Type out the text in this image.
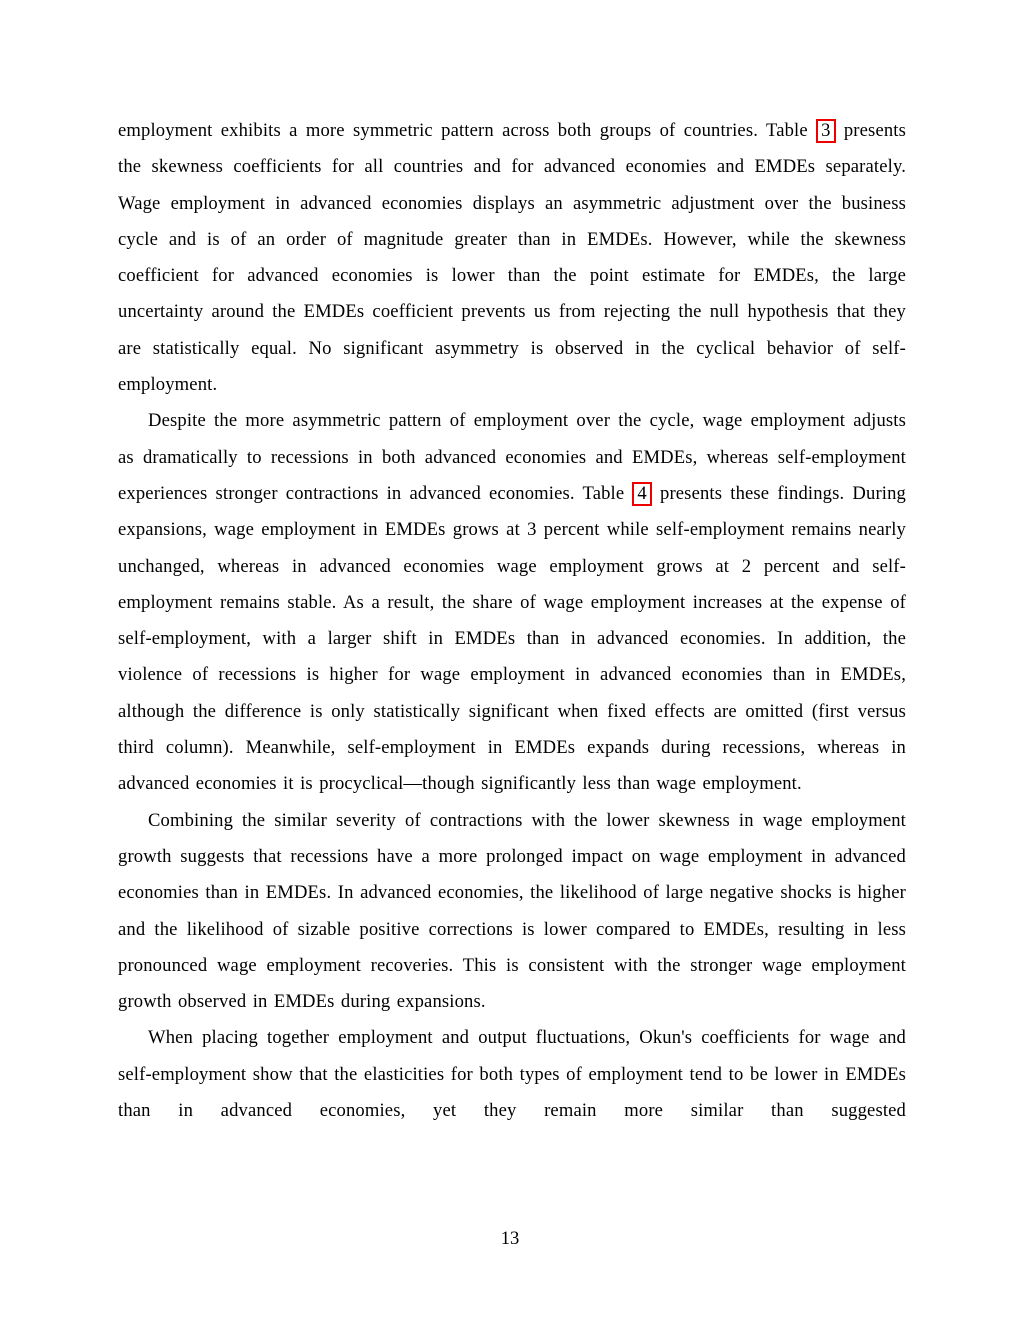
employment exhibits a more symmetric pattern across both groups of countries. Table 3 presents the skewness coefficients for all countries and for advanced economies and EMDEs separately. Wage employment in advanced economies displays an asymmetric adjustment over the business cycle and is of an order of magnitude greater than in EMDEs. However, while the skewness coefficient for advanced economies is lower than the point estimate for EMDEs, the large uncertainty around the EMDEs coefficient prevents us from rejecting the null hypothesis that they are statistically equal. No significant asymmetry is observed in the cyclical behavior of self-employment.

Despite the more asymmetric pattern of employment over the cycle, wage employment adjusts as dramatically to recessions in both advanced economies and EMDEs, whereas self-employment experiences stronger contractions in advanced economies. Table 4 presents these findings. During expansions, wage employment in EMDEs grows at 3 percent while self-employment remains nearly unchanged, whereas in advanced economies wage employment grows at 2 percent and self-employment remains stable. As a result, the share of wage employment increases at the expense of self-employment, with a larger shift in EMDEs than in advanced economies. In addition, the violence of recessions is higher for wage employment in advanced economies than in EMDEs, although the difference is only statistically significant when fixed effects are omitted (first versus third column). Meanwhile, self-employment in EMDEs expands during recessions, whereas in advanced economies it is procyclical—though significantly less than wage employment.

Combining the similar severity of contractions with the lower skewness in wage employment growth suggests that recessions have a more prolonged impact on wage employment in advanced economies than in EMDEs. In advanced economies, the likelihood of large negative shocks is higher and the likelihood of sizable positive corrections is lower compared to EMDEs, resulting in less pronounced wage employment recoveries. This is consistent with the stronger wage employment growth observed in EMDEs during expansions.

When placing together employment and output fluctuations, Okun's coefficients for wage and self-employment show that the elasticities for both types of employment tend to be lower in EMDEs than in advanced economies, yet they remain more similar than suggested

13
